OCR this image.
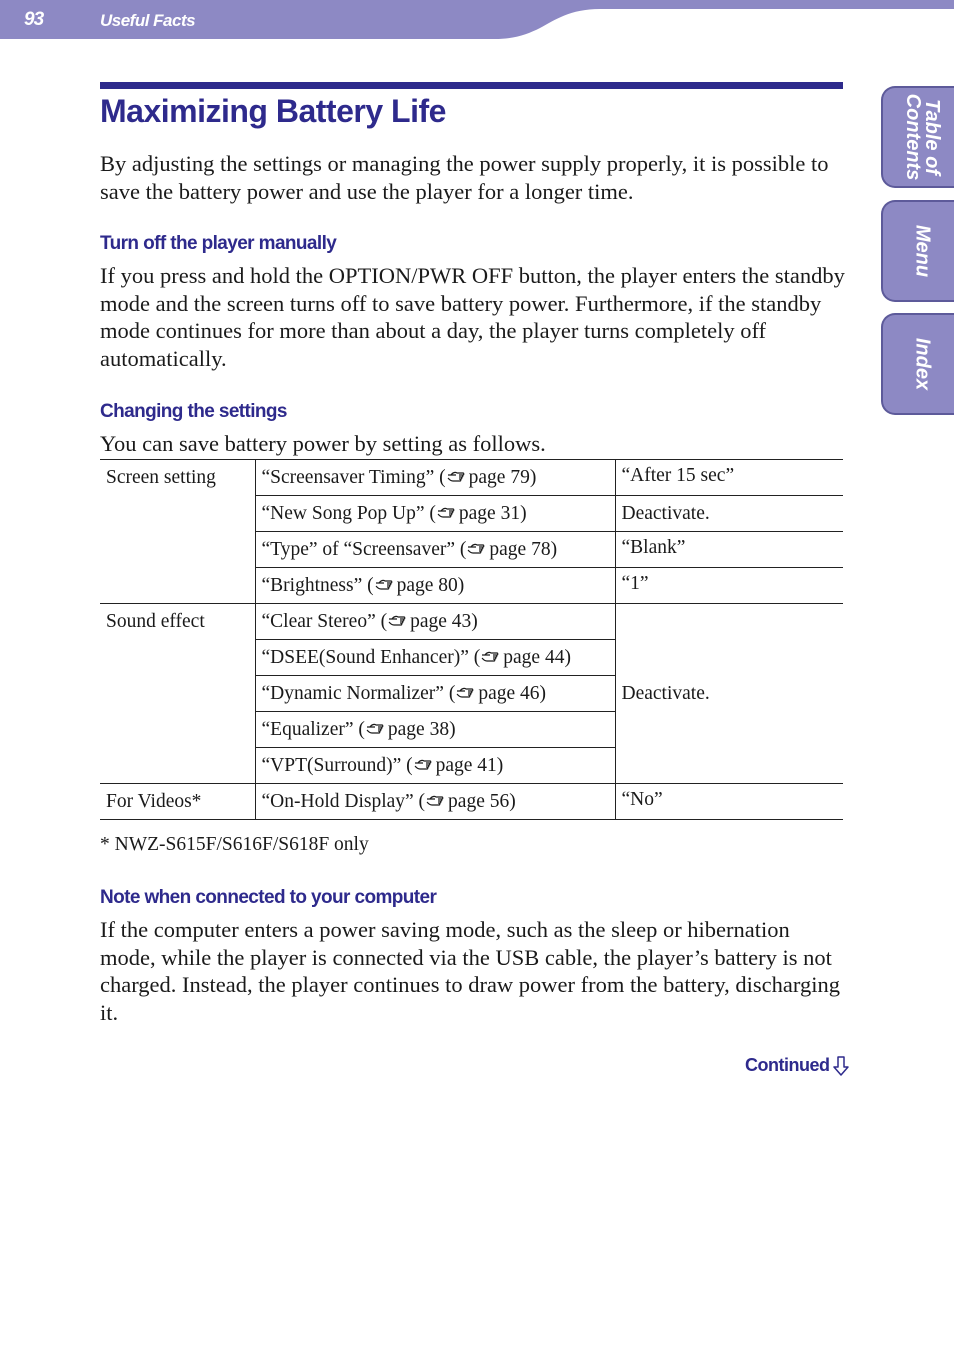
93	Useful Facts
Table of
Contents
Menu
Index
Maximizing Battery Life

By adjusting the settings or managing the power supply properly, it is possible to save the battery power and use the player for a longer time.

Turn off the player manually

If you press and hold the OPTION/PWR OFF button, the player enters the standby mode and the screen turns off to save battery power. Furthermore, if the standby mode continues for more than about a day, the player turns completely off automatically.

Changing the settings

You can save battery power by setting as follows.

Screen setting	“Screensaver Timing” ( page 79)	“After 15 sec”
	“New Song Pop Up” ( page 31)	Deactivate.
	“Type” of “Screensaver” ( page 78)	“Blank”
	“Brightness” ( page 80)	“1”
Sound effect	“Clear Stereo” ( page 43)	Deactivate.
	“DSEE(Sound Enhancer)” ( page 44)	
	“Dynamic Normalizer” ( page 46)	
	“Equalizer” ( page 38)	
	“VPT(Surround)” ( page 41)	
For Videos*	“On-Hold Display” ( page 56)	“No”

* NWZ-S615F/S616F/S618F only

Note when connected to your computer

If the computer enters a power saving mode, such as the sleep or hibernation mode, while the player is connected via the USB cable, the player’s battery is not charged. Instead, the player continues to draw power from the battery, discharging it.

Continued
